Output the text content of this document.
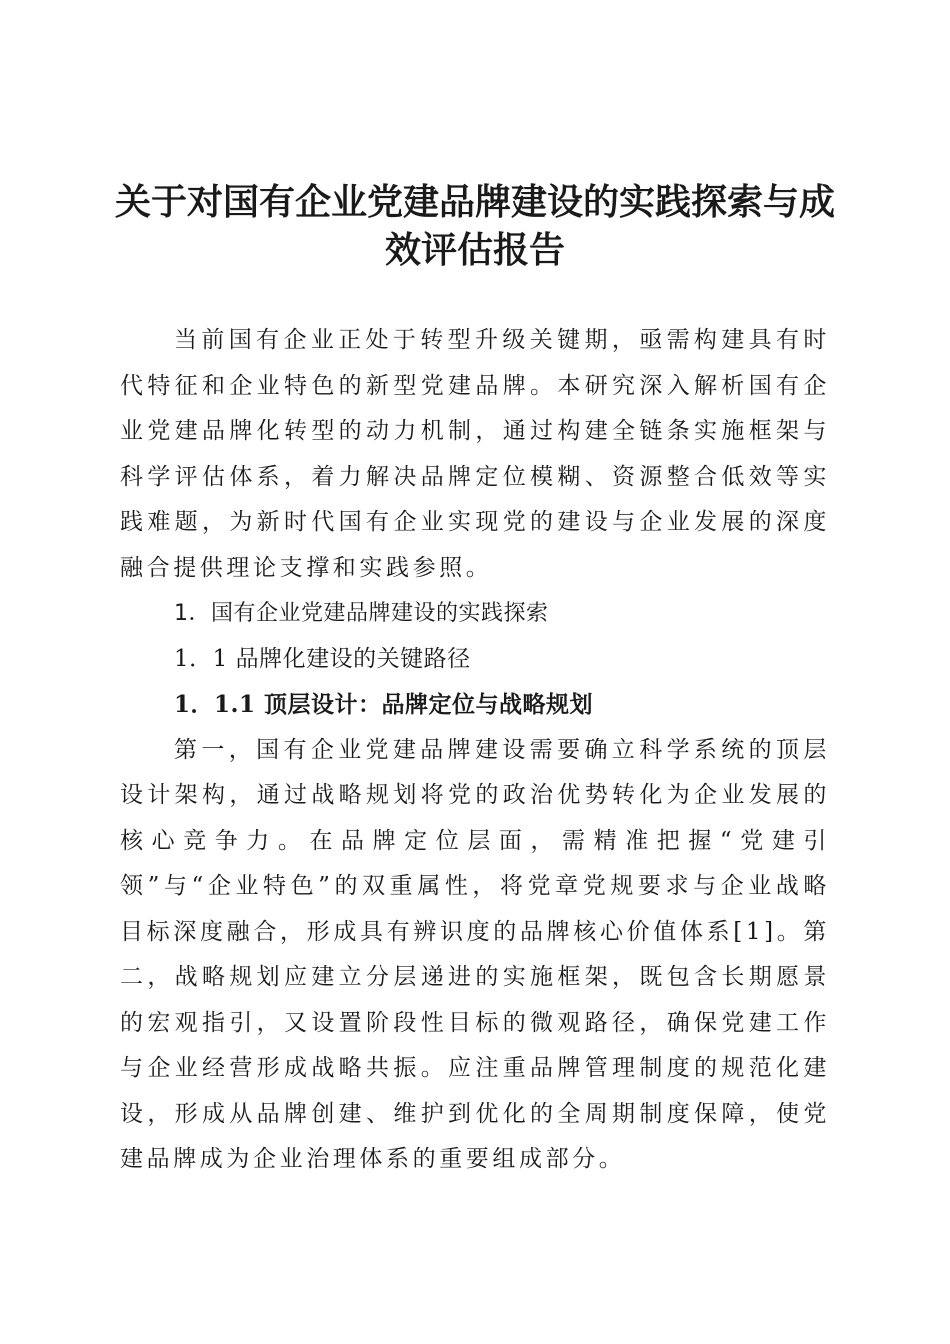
关于对国有企业党建品牌建设的实践探索与成效评估报告

当前国有企业正处于转型升级关键期，亟需构建具有时代特征和企业特色的新型党建品牌。本研究深入解析国有企业党建品牌化转型的动力机制，通过构建全链条实施框架与科学评估体系，着力解决品牌定位模糊、资源整合低效等实践难题，为新时代国有企业实现党的建设与企业发展的深度融合提供理论支撑和实践参照。

1．国有企业党建品牌建设的实践探索

1．1 品牌化建设的关键路径

1．1.1 顶层设计：品牌定位与战略规划

第一，国有企业党建品牌建设需要确立科学系统的顶层设计架构，通过战略规划将党的政治优势转化为企业发展的核心竞争力。在品牌定位层面，需精准把握“党建引领”与“企业特色”的双重属性，将党章党规要求与企业战略目标深度融合，形成具有辨识度的品牌核心价值体系[1]。第二，战略规划应建立分层递进的实施框架，既包含长期愿景的宏观指引，又设置阶段性目标的微观路径，确保党建工作与企业经营形成战略共振。应注重品牌管理制度的规范化建设，形成从品牌创建、维护到优化的全周期制度保障，使党建品牌成为企业治理体系的重要组成部分。
